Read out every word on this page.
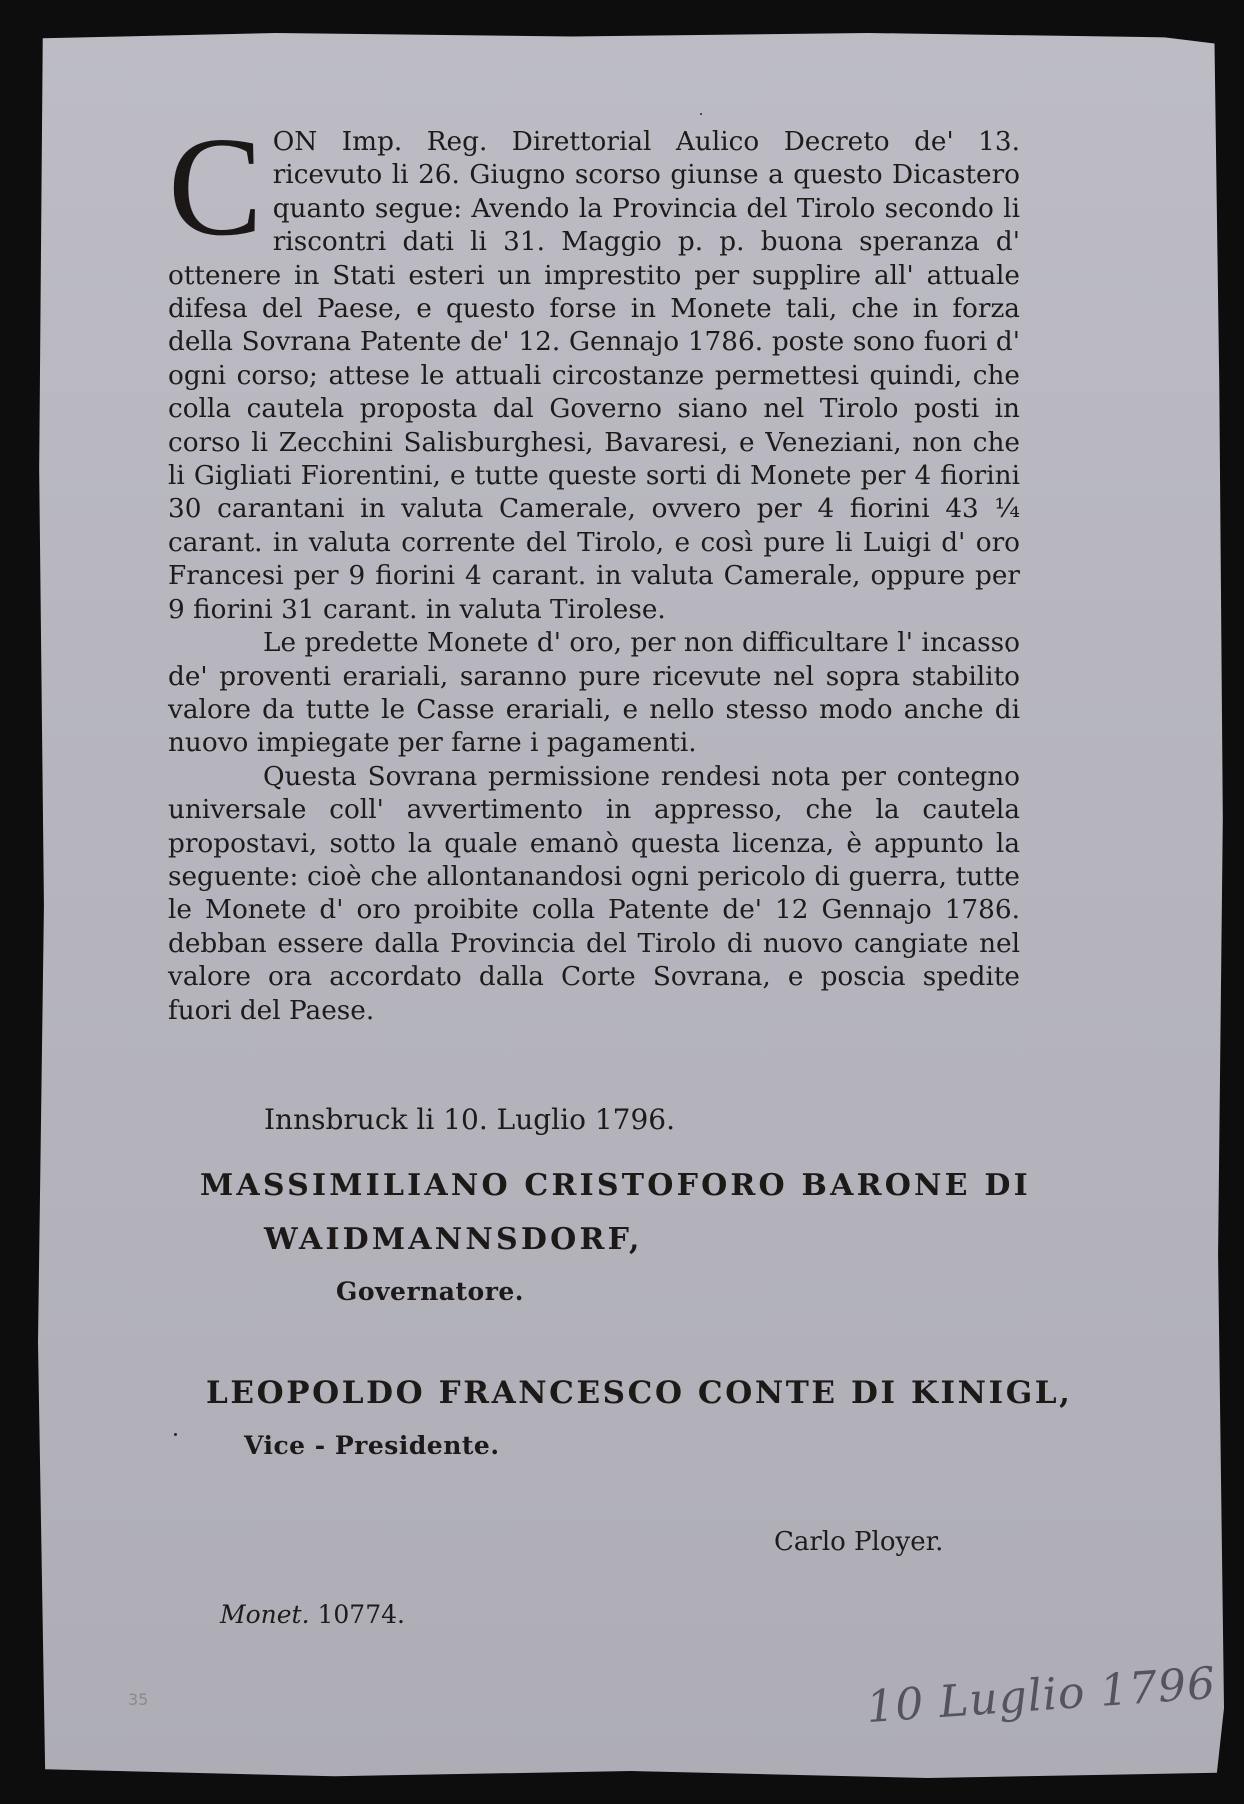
C ON Imp. Reg. Direttorial Aulico Decreto de' 13. ricevuto li 26. Giugno scorso giunse a questo Dicastero quanto segue: Avendo la Provincia del Tirolo secondo li riscontri dati li 31. Maggio p. p. buona speranza d' ottenere in Stati esteri un imprestito per supplire all' attuale difesa del Paese, e questo forse in Monete tali, che in forza della Sovrana Patente de' 12. Gennajo 1786. poste sono fuori d' ogni corso; attese le attuali circostanze permettesi quindi, che colla cautela proposta dal Governo siano nel Tirolo posti in corso li Zecchini Salisburghesi, Bavaresi, e Veneziani, non che li Gigliati Fiorentini, e tutte queste sorti di Monete per 4 fiorini 30 carantani in valuta Camerale, ovvero per 4 fiorini 43 ¼ carant. in valuta corrente del Tirolo, e così pure li Luigi d' oro Francesi per 9 fiorini 4 carant. in valuta Camerale, oppure per 9 fiorini 31 carant. in valuta Tirolese.

Le predette Monete d' oro, per non difficultare l' incasso de' proventi erariali, saranno pure ricevute nel sopra stabilito valore da tutte le Casse erariali, e nello stesso modo anche di nuovo impiegate per farne i pagamenti.

Questa Sovrana permissione rendesi nota per contegno universale coll' avvertimento in appresso, che la cautela propostavi, sotto la quale emanò questa licenza, è appunto la seguente: cioè che allontanandosi ogni pericolo di guerra, tutte le Monete d' oro proibite colla Patente de' 12 Gennajo 1786. debban essere dalla Provincia del Tirolo di nuovo cangiate nel valore ora accordato dalla Corte Sovrana, e poscia spedite fuori del Paese.

Innsbruck li 10. Luglio 1796.
MASSIMILIANO CRISTOFORO BARONE DI
WAIDMANNSDORF,
Governatore.
LEOPOLDO FRANCESCO CONTE DI KINIGL,
Vice - Presidente.
Carlo Ployer.
Monet. 10774.
35	10 Luglio 1796
